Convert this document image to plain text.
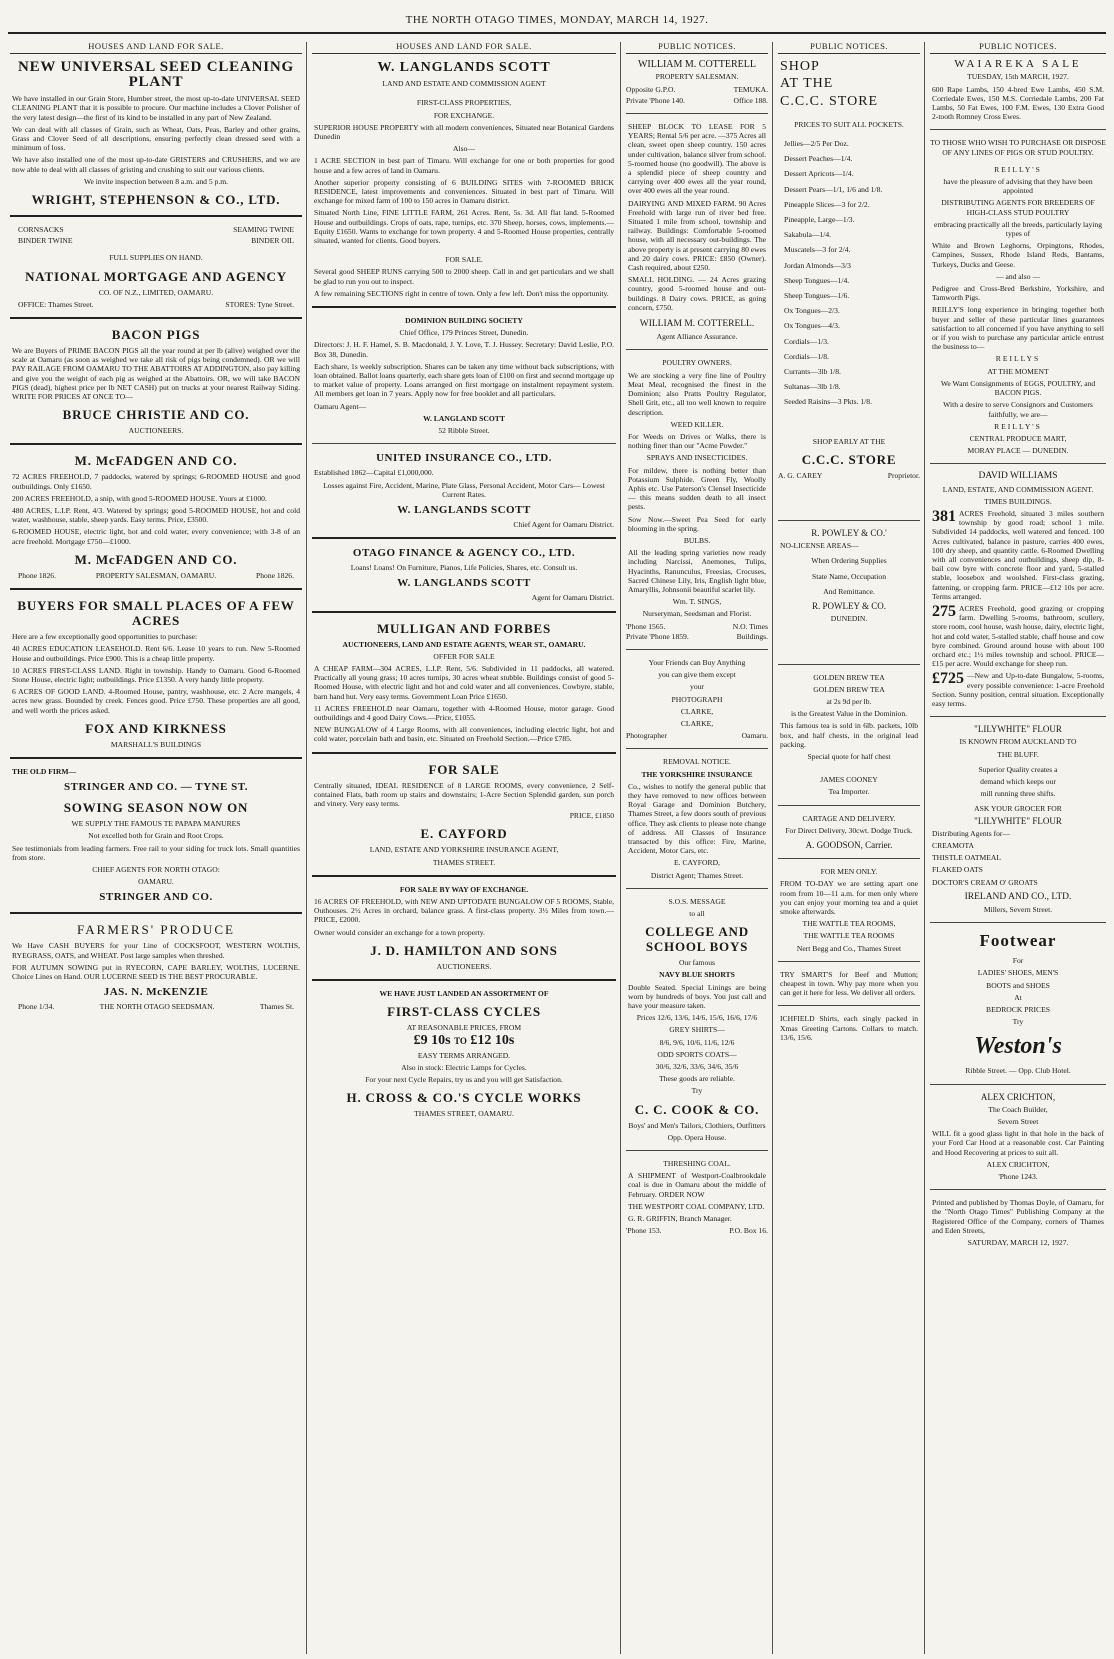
THE NORTH OTAGO TIMES, MONDAY, MARCH 14, 1927.
HOUSES AND LAND FOR SALE.
NEW UNIVERSAL SEED CLEANING PLANT
We have installed in our Grain Store, Humber street, the most up-to-date UNIVERSAL SEED CLEANING PLANT that it is possible to procure. Our machine includes a Clover Polisher of the very latest design—the first of its kind to be installed in any part of New Zealand.
We can deal with all classes of Grain, such as Wheat, Oats, Peas, Barley and other grains, Grass and Clover Seed of all descriptions, ensuring perfectly clean dressed seed with a minimum of loss.
We have also installed one of the most up-to-date GRISTERS and CRUSHERS, and we are now able to deal with all classes of gristing and crushing to suit our various clients.
We invite inspection between 8 a.m. and 5 p.m.
WRIGHT, STEPHENSON & CO., LTD.
CORNSACKS	SEAMING TWINE
BINDER TWINE	BINDER OIL
FULL SUPPLIES ON HAND.
NATIONAL MORTGAGE AND AGENCY
CO. OF N.Z., LIMITED, OAMARU.
OFFICE: Thames Street.	STORES: Tyne Street.
BACON PIGS
We are Buyers of PRIME BACON PIGS all the year round at per lb (alive) weighed over the scale at Oamaru (as soon as weighed we take all risk of pigs being condemned). OR we will PAY RAILAGE FROM OAMARU TO THE ABATTOIRS AT ADDINGTON, also pay killing and give you the weight of each pig as weighed at the Abattoirs. OR, we will take BACON PIGS (dead), highest price per lb NET CASH) put on trucks at your nearest Railway Siding. WRITE FOR PRICES AT ONCE TO—
BRUCE CHRISTIE AND CO.
AUCTIONEERS.
M. McFADGEN AND CO.
72 ACRES FREEHOLD, 7 paddocks, watered by springs; 6-ROOMED HOUSE and good outbuildings. Only £1650.
200 ACRES FREEHOLD, a snip, with good 5-ROOMED HOUSE. Yours at £1000.
480 ACRES, L.I.P. Rent, 4/3. Watered by springs; good 5-ROOMED HOUSE, hot and cold water, washhouse, stable, sheep yards. Easy terms. Price, £3500.
6-ROOMED HOUSE, electric light, hot and cold water, every convenience; with 3-8 of an acre freehold. Mortgage £750—£1000.
M. McFADGEN AND CO.
Phone 1826.	PROPERTY SALESMAN, OAMARU.	Phone 1826.
BUYERS FOR SMALL PLACES OF A FEW ACRES
Here are a few exceptionally good opportunities to purchase:
40 ACRES EDUCATION LEASEHOLD. Rent 6/6. Lease 10 years to run. New 5-Roomed House and outbuildings. Price £900. This is a cheap little property.
10 ACRES FIRST-CLASS LAND. Right in township. Handy to Oamaru. Good 6-Roomed Stone House, electric light; outbuildings. Price £1350. A very handy little property.
6 ACRES OF GOOD LAND. 4-Roomed House, pantry, washhouse, etc. 2 Acre mangels, 4 acres new grass. Bounded by creek. Fences good. Price £750. These properties are all good, and well worth the prices asked.
FOX AND KIRKNESS
MARSHALL'S BUILDINGS
THE OLD FIRM—
STRINGER AND CO. — TYNE ST.
SOWING SEASON NOW ON
WE SUPPLY THE FAMOUS TE PAPAPA MANURES
Not excelled both for Grain and Root Crops.
See testimonials from leading farmers. Free rail to your siding for truck lots. Small quantities from store.
CHIEF AGENTS FOR NORTH OTAGO:
OAMARU.
STRINGER AND CO.
FARMERS' PRODUCE
We Have CASH BUYERS for your Line of COCKSFOOT, WESTERN WOLTHS, RYEGRASS, OATS, and WHEAT. Post large samples when threshed.
FOR AUTUMN SOWING put in RYECORN, CAPE BARLEY, WOLTHS, LUCERNE. Choice Lines on Hand. OUR LUCERNE SEED IS THE BEST PROCURABLE.
JAS. N. McKENZIE
Phone 1/34.	THE NORTH OTAGO SEEDSMAN.	Thames St.
HOUSES AND LAND FOR SALE.
W. LANGLANDS SCOTT
LAND AND ESTATE AND COMMISSION AGENT
FIRST-CLASS PROPERTIES,
FOR EXCHANGE.
SUPERIOR HOUSE PROPERTY with all modern conveniences, Situated near Botanical Gardens Dunedin
Also—
1 ACRE SECTION in best part of Timaru. Will exchange for one or both properties for good house and a few acres of land in Oamaru.
Another superior property consisting of 6 BUILDING SITES with 7-ROOMED BRICK RESIDENCE, latest improvements and conveniences. Situated in best part of Timaru. Will exchange for mixed farm of 100 to 150 acres in Oamaru district.
Situated North Line, FINE LITTLE FARM, 261 Acres. Rent, 5s. 3d. All flat land. 5-Roomed House and outbuildings. Crops of oats, rape, turnips, etc. 370 Sheep, horses, cows, implements.—Equity £1650. Wants to exchange for town property. 4 and 5-Roomed House properties, centrally situated, wanted for clients. Good buyers.
FOR SALE.
Several good SHEEP RUNS carrying 500 to 2000 sheep. Call in and get particulars and we shall be glad to run you out to inspect.
A few remaining SECTIONS right in centre of town. Only a few left. Don't miss the opportunity.
DOMINION BUILDING SOCIETY
Chief Office, 179 Princes Street, Dunedin.
Directors: J. H. F. Hamel, S. B. Macdonald, J. Y. Love, T. J. Hussey. Secretary: David Leslie, P.O. Box 38, Dunedin.
Each share, 1s weekly subscription. Shares can be taken any time without back subscriptions, with loan obtained. Ballot loans quarterly, each share gets loan of £100 on first and second mortgage up to market value of property. Loans arranged on first mortgage on instalment repayment system. All members get loan in 7 years. Apply now for free booklet and all particulars.
Oamaru Agent—
W. LANGLAND SCOTT
52 Ribble Street.
UNITED INSURANCE CO., LTD.
Established 1862—Capital £1,000,000.
Losses against Fire, Accident, Marine, Plate Glass, Personal Accident, Motor Cars— Lowest Current Rates.
W. LANGLANDS SCOTT
Chief Agent for Oamaru District.
OTAGO FINANCE & AGENCY CO., LTD.
Loans! Loans! On Furniture, Pianos, Life Policies, Shares, etc. Consult us.
W. LANGLANDS SCOTT
Agent for Oamaru District.
MULLIGAN AND FORBES
AUCTIONEERS, LAND AND ESTATE AGENTS, WEAR ST., OAMARU.
OFFER FOR SALE
A CHEAP FARM—304 ACRES, L.I.P. Rent, 5/6. Subdivided in 11 paddocks, all watered. Practically all young grass; 10 acres turnips, 30 acres wheat stubble. Buildings consist of good 5-Roomed House, with electric light and hot and cold water and all conveniences. Cowbyre, stable, barn hand hut. Very easy terms. Government Loan Price £1650.
11 ACRES FREEHOLD near Oamaru, together with 4-Roomed House, motor garage. Good outbuildings and 4 good Dairy Cows.—Price, £1055.
NEW BUNGALOW of 4 Large Rooms, with all conveniences, including electric light, hot and cold water, porcelain bath and basin, etc. Situated on Freehold Section.—Price £785.
FOR SALE
Centrally situated, IDEAL RESIDENCE of 8 LARGE ROOMS, every convenience, 2 Self-contained Flats, bath room up stairs and downstairs; 1-Acre Section Splendid garden, sun porch and vinery. Very easy terms.
PRICE, £1850
E. CAYFORD
LAND, ESTATE AND YORKSHIRE INSURANCE AGENT,
THAMES STREET.
FOR SALE BY WAY OF EXCHANGE.
16 ACRES OF FREEHOLD, with NEW AND UPTODATE BUNGALOW OF 5 ROOMS, Stable, Outhouses. 2½ Acres in orchard, balance grass. A first-class property. 3½ Miles from town.—PRICE, £2000.
Owner would consider an exchange for a town property.
J. D. HAMILTON AND SONS
AUCTIONEERS.
WE HAVE JUST LANDED AN ASSORTMENT OF
FIRST-CLASS CYCLES
AT REASONABLE PRICES, FROM
£9 10s TO £12 10s
EASY TERMS ARRANGED.
Also in stock: Electric Lamps for Cycles.
For your next Cycle Repairs, try us and you will get Satisfaction.
H. CROSS & CO.'S CYCLE WORKS
THAMES STREET, OAMARU.
PUBLIC NOTICES.
WILLIAM M. COTTERELL
PROPERTY SALESMAN.
Opposite G.P.O.	TEMUKA.
Private 'Phone 140.	Office 188.
SHEEP BLOCK TO LEASE FOR 5 YEARS; Rental 5/6 per acre. —375 Acres all clean, sweet open sheep country. 150 acres under cultivation, balance silver from school. 5-roomed house (no goodwill). The above is a splendid piece of sheep country and carrying over 400 ewes all the year round, over 400 ewes all the year round.
DAIRYING AND MIXED FARM. 90 Acres Freehold with large run of river bed free. Situated 1 mile from school, township and railway. Buildings: Comfortable 5-roomed house, with all necessary out-buildings. The above property is at present carrying 80 ewes and 20 dairy cows. PRICE: £850 (Owner). Cash required, about £250.
SMALL HOLDING. — 24 Acres grazing country, good 5-roomed house and out-buildings. 8 Dairy cows. PRICE, as going concern, £750.
WILLIAM M. COTTERELL.
Agent Alliance Assurance.
POULTRY OWNERS.
We are stocking a very fine line of Poultry Meat Meal, recognised the finest in the Dominion; also Pratts Poultry Regulator, Shell Grit, etc., all too well known to require description.
WEED KILLER.
For Weeds on Drives or Walks, there is nothing finer than our "Acme Powder."
SPRAYS AND INSECTICIDES.
For mildew, there is nothing better than Potassium Sulphide. Green Fly, Woolly Aphis etc. Use Paterson's Clensel Insecticide — this means sudden death to all insect pests.
Sow Now.—Sweet Pea Seed for early blooming in the spring.
BULBS.
All the leading spring varieties now ready including Narcissi, Anemones, Tulips, Hyacinths, Ranunculus, Freesias, Crocuses, Sacred Chinese Lily, Iris, English light blue, Amaryllis, Johnsonii beautiful scarlet lily.
Wm. T. SINGS,
Nurseryman, Seedsman and Florist.
'Phone 1565.	N.O. Times
Private 'Phone 1859.	Buildings.
Your Friends can Buy Anything
you can give them except
your
PHOTOGRAPH
CLARKE,
CLARKE,
Photographer	Oamaru.
REMOVAL NOTICE.
THE YORKSHIRE INSURANCE
Co., wishes to notify the general public that they have removed to new offices between Royal Garage and Dominion Butchery, Thames Street, a few doors south of previous office. They ask clients to please note change of address. All Classes of Insurance transacted by this office: Fire, Marine, Accident, Motor Cars, etc.
E. CAYFORD,
District Agent; Thames Street.
S.O.S. MESSAGE
to all
COLLEGE AND SCHOOL BOYS
Our famous
NAVY BLUE SHORTS
Double Seated. Special Linings are being worn by hundreds of boys. You just call and have your measure taken.
Prices 12/6, 13/6, 14/6, 15/6, 16/6, 17/6
GREY SHIRTS—
8/6, 9/6, 10/6, 11/6, 12/6
ODD SPORTS COATS—
30/6, 32/6, 33/6, 34/6, 35/6
These goods are reliable.
Try
C. C. COOK & CO.
Boys' and Men's Tailors, Clothiers, Outfitters
Opp. Opera House.
THRESHING COAL.
A SHIPMENT of Westport-Coalbrookdale coal is due in Oamaru about the middle of February. ORDER NOW
THE WESTPORT COAL COMPANY, LTD.
G. R. GRIFFIN, Branch Manager.
'Phone 153.	P.O. Box 16.
PUBLIC NOTICES.
SHOP
AT THE
C.C.C. STORE
PRICES TO SUIT ALL POCKETS.
Jellies—2/5 Per Doz.
Dessert Peaches—1/4.
Dessert Apricots—1/4.
Dessert Pears—1/1, 1/6 and 1/8.
Pineapple Slices—3 for 2/2.
Pineapple, Large—1/3.
Sakabula—1/4.
Muscatels—3 for 2/4.
Jordan Almonds—3/3
Sheep Tongues—1/4.
Sheep Tongues—1/6.
Ox Tongues—2/3.
Ox Tongues—4/3.
Cordials—1/3.
Cordials—1/8.
Currants—3lb 1/8.
Sultanas—3lb 1/8.
Seeded Raisins—3 Pkts. 1/8.
SHOP EARLY AT THE
C.C.C. STORE
A. G. CAREY	Proprietor.
R. POWLEY & CO.'
NO-LICENSE AREAS—
When Ordering Supplies
State Name, Occupation
And Remittance.
R. POWLEY & CO.
DUNEDIN.
GOLDEN BREW TEA
GOLDEN BREW TEA
at 2s 9d per lb.
is the Greatest Value in the Dominion.
This famous tea is sold in 6lb. packets, 10lb box, and half chests, in the original lead packing.
Special quote for half chest
JAMES COONEY
Tea Importer.
CARTAGE AND DELIVERY.
For Direct Delivery, 30cwt. Dodge Truck.
A. GOODSON, Carrier.
FOR MEN ONLY.
FROM TO-DAY we are setting apart one room from 10—11 a.m. for men only where you can enjoy your morning tea and a quiet smoke afterwards.
THE WATTLE TEA ROOMS,
THE WATTLE TEA ROOMS
Nert Begg and Co., Thames Street
TRY SMART'S for Beef and Mutton; cheapest in town. Why pay more when you can get it here for less. We deliver all orders.
ICHFIELD Shirts, each singly packed in Xmas Greeting Cartons. Collars to match. 13/6, 15/6.
PUBLIC NOTICES.
WAIAREKA SALE
TUESDAY, 15th MARCH, 1927.
600 Rape Lambs, 150 4-bred Ewe Lambs, 450 S.M. Corriedale Ewes, 150 M.S. Corriedale Lambs, 200 Fat Lambs, 50 Fat Ewes, 100 F.M. Ewes, 130 Extra Good 2-tooth Romney Cross Ewes.
TO THOSE WHO WISH TO PURCHASE OR DISPOSE OF ANY LINES OF PIGS OR STUD POULTRY.
REILLY'S
have the pleasure of advising that they have been appointed
DISTRIBUTING AGENTS FOR BREEDERS OF HIGH-CLASS STUD POULTRY
embracing practically all the breeds, particularly laying types of
White and Brown Leghorns, Orpingtons, Rhodes, Campines, Sussex, Rhode Island Reds, Bantams, Turkeys, Ducks and Geese.
— and also —
Pedigree and Cross-Bred Berkshire, Yorkshire, and Tamworth Pigs.
REILLY'S long experience in bringing together both buyer and seller of these particular lines guarantees satisfaction to all concerned if you have anything to sell or if you wish to purchase any particular article entrust the business to—
REILLYS
AT THE MOMENT
We Want Consignments of EGGS, POULTRY, and BACON PIGS.
With a desire to serve Consignors and Customers faithfully, we are—
REILLY'S
CENTRAL PRODUCE MART,
MORAY PLACE — DUNEDIN.
DAVID WILLIAMS
LAND, ESTATE, AND COMMISSION AGENT.
TIMES BUILDINGS.
381 ACRES Freehold, situated 3 miles southern township by good road; school 1 mile. Subdivided 14 paddocks, well watered and fenced. 100 Acres cultivated, balance in pasture, carries 400 ewes, 100 dry sheep, and quantity cattle. 6-Roomed Dwelling with all conveniences and outbuildings, sheep dip, 8-bail cow byre with concrete floor and yard, 5-stalled stable, loosebox and woolshed. First-class grazing, fattening, or cropping farm. PRICE—£12 10s per acre. Terms arranged.
275 ACRES Freehold, good grazing or cropping farm. Dwelling 5-rooms, bathroom, scullery, store room, cool house, wash house, dairy, electric light, hot and cold water, 5-stalled stable, chaff house and cow byre combined. Ground around house with about 100 orchard etc.; 1½ miles township and school. PRICE—£15 per acre. Would exchange for sheep run.
£725 —New and Up-to-date Bungalow, 5-rooms, every possible convenience: 1-acre Freehold Section. Sunny position, central situation. Exceptionally easy terms.
"LILYWHITE" FLOUR
IS KNOWN FROM AUCKLAND TO
THE BLUFF.
Superior Quality creates a
demand which keeps our
mill running three shifts.
ASK YOUR GROCER FOR
"LILYWHITE" FLOUR
Distributing Agents for—
CREAMOTA
THISTLE OATMEAL
FLAKED OATS
DOCTOR'S CREAM O' GROATS
IRELAND AND CO., LTD.
Millers, Severn Street.
Footwear
For
LADIES' SHOES, MEN'S
BOOTS and SHOES
At
BEDROCK PRICES
Try
Weston's
Ribble Street. — Opp. Club Hotel.
ALEX CRICHTON,
The Coach Builder,
Severn Street
WILL fit a good glass light in that hole in the back of your Ford Car Hood at a reasonable cost. Car Painting and Hood Recovering at prices to suit all.
ALEX CRICHTON,
'Phone 1243.
Printed and published by Thomas Doyle, of Oamaru, for the "North Otago Times" Publishing Company at the Registered Office of the Company, corners of Thames and Eden Streets,
SATURDAY, MARCH 12, 1927.
